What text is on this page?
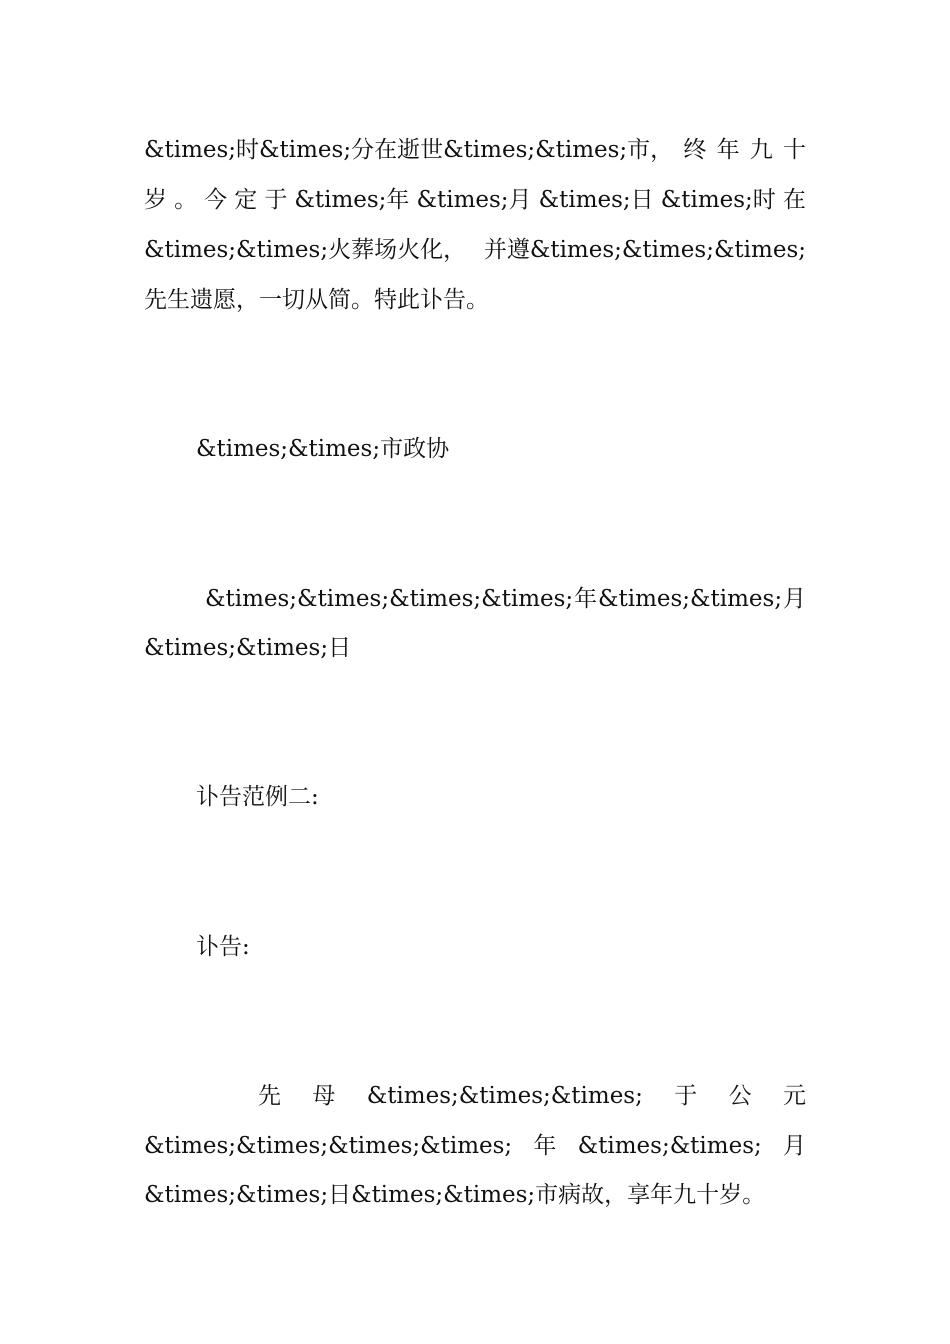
&times;时&times;分在逝世&times;&times;市， 终 年 九 十
岁 。 今 定 于 &times;年 &times;月 &times;日 &times;时 在
&times;&times;火葬场火化， 并遵&times;&times;&times;
先生遗愿，一切从简。特此讣告。
&times;&times;市政协
&times;&times;&times;&times; 年 &times;&times; 月
&times;&times;日
讣告范例二:
讣告:
先 母 &times;&times;&times; 于 公 元
&times;&times;&times;&times; 年 &times;&times; 月
&times;&times;日&times;&times;市病故，享年九十岁。
